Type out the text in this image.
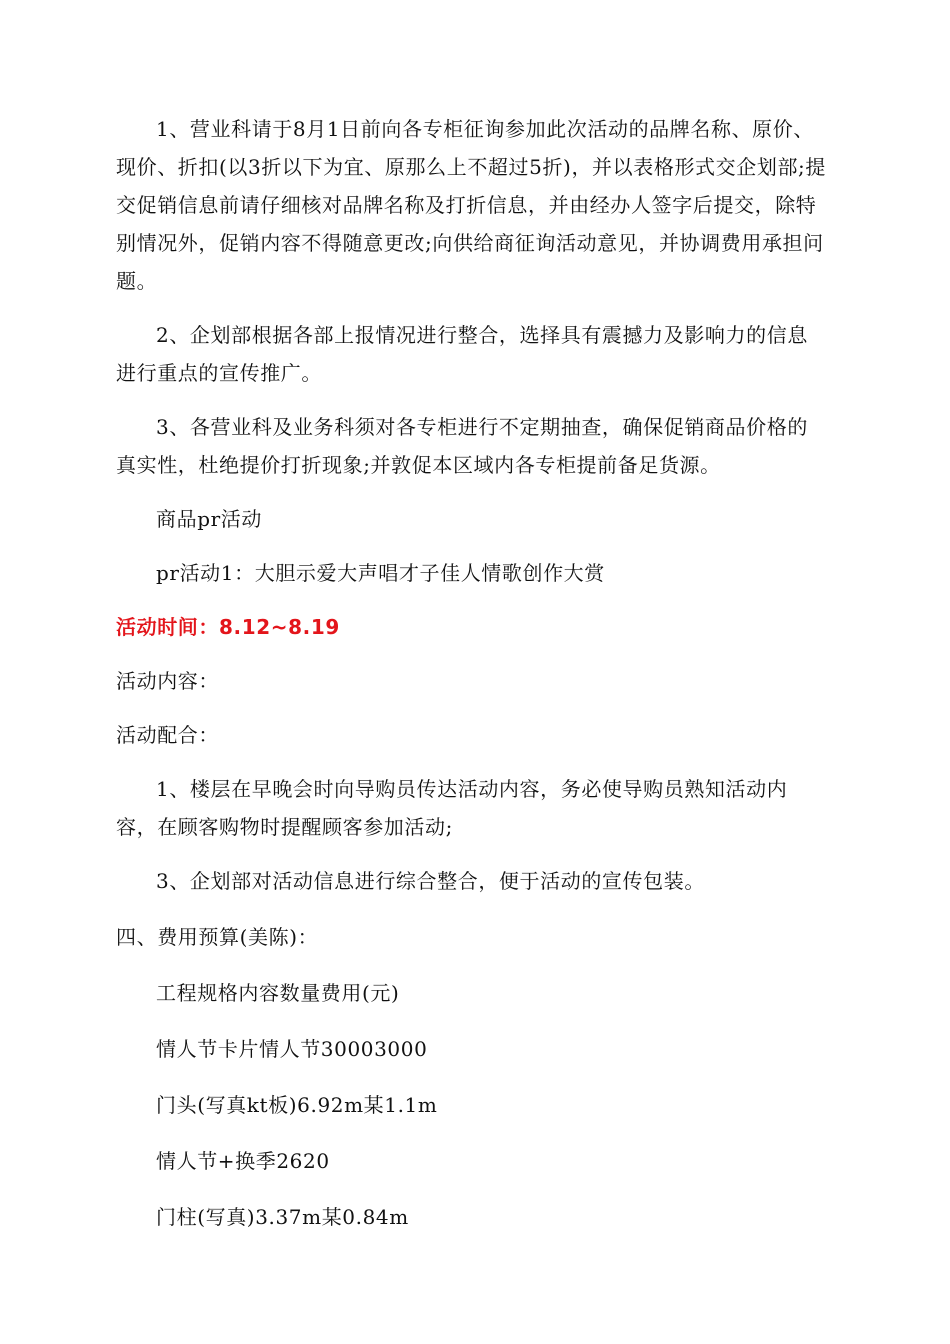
1、营业科请于8月1日前向各专柜征询参加此次活动的品牌名称、原价、现价、折扣(以3折以下为宜、原那么上不超过5折)，并以表格形式交企划部;提交促销信息前请仔细核对品牌名称及打折信息，并由经办人签字后提交，除特别情况外，促销内容不得随意更改;向供给商征询活动意见，并协调费用承担问题。

2、企划部根据各部上报情况进行整合，选择具有震撼力及影响力的信息进行重点的宣传推广。

3、各营业科及业务科须对各专柜进行不定期抽查，确保促销商品价格的真实性，杜绝提价打折现象;并敦促本区域内各专柜提前备足货源。

商品pr活动

pr活动1：大胆示爱大声唱才子佳人情歌创作大赏

活动时间：8.12~8.19

活动内容：

活动配合：

1、楼层在早晚会时向导购员传达活动内容，务必使导购员熟知活动内容，在顾客购物时提醒顾客参加活动;

3、企划部对活动信息进行综合整合，便于活动的宣传包装。

四、费用预算(美陈)：

工程规格内容数量费用(元)

情人节卡片情人节30003000

门头(写真kt板)6.92m某1.1m

情人节+换季2620

门柱(写真)3.37m某0.84m
